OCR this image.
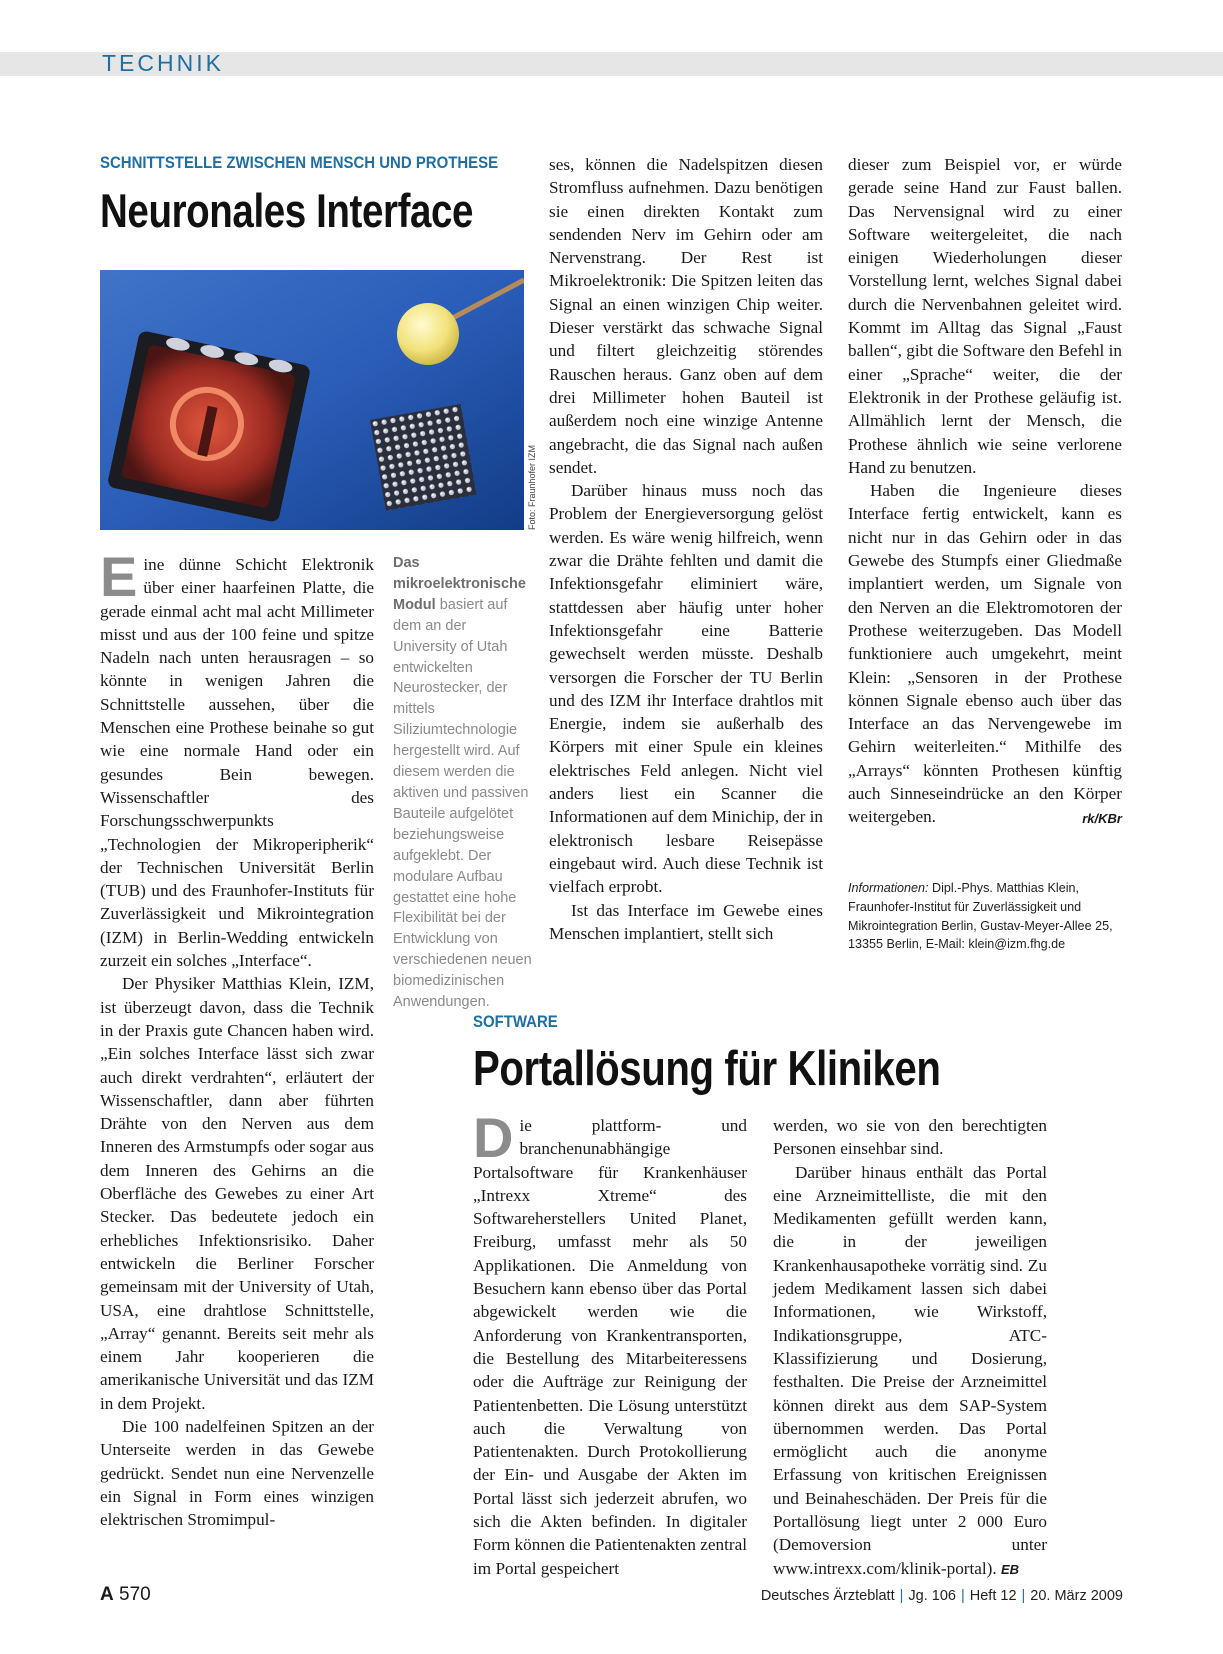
TECHNIK
SCHNITTSTELLE ZWISCHEN MENSCH UND PROTHESE
Neuronales Interface
Foto: Fraunhofer IZM

Eine dünne Schicht Elektronik über einer haarfeinen Platte, die gerade einmal acht mal acht Millimeter misst und aus der 100 feine und spitze Nadeln nach unten herausragen – so könnte in wenigen Jahren die Schnittstelle aussehen, über die Menschen eine Prothese beinahe so gut wie eine normale Hand oder ein gesundes Bein bewegen. Wissenschaftler des Forschungsschwerpunkts „Technologien der Mikroperipherik“ der Technischen Universität Berlin (TUB) und des Fraunhofer-Instituts für Zuverlässigkeit und Mikrointegration (IZM) in Berlin-Wedding entwickeln zurzeit ein solches „Interface“.

Der Physiker Matthias Klein, IZM, ist überzeugt davon, dass die Technik in der Praxis gute Chancen haben wird. „Ein solches Interface lässt sich zwar auch direkt verdrahten“, erläutert der Wissenschaftler, dann aber führten Drähte von den Nerven aus dem Inneren des Armstumpfs oder sogar aus dem Inneren des Gehirns an die Oberfläche des Gewebes zu einer Art Stecker. Das bedeutete jedoch ein erhebliches Infektionsrisiko. Daher entwickeln die Berliner Forscher gemeinsam mit der University of Utah, USA, eine drahtlose Schnittstelle, „Array“ genannt. Bereits seit mehr als einem Jahr kooperieren die amerikanische Universität und das IZM in dem Projekt.

Die 100 nadelfeinen Spitzen an der Unterseite werden in das Gewebe gedrückt. Sendet nun eine Nervenzelle ein Signal in Form eines winzigen elektrischen Stromimpul-

Das mikroelektronische Modul basiert auf dem an der University of Utah entwickelten Neurostecker, der mittels Siliziumtechnologie hergestellt wird. Auf diesem werden die aktiven und passiven Bauteile aufgelötet beziehungsweise aufgeklebt. Der modulare Aufbau gestattet eine hohe Flexibilität bei der Entwicklung von verschiedenen neuen biomedizinischen Anwendungen.

ses, können die Nadelspitzen diesen Stromfluss aufnehmen. Dazu benötigen sie einen direkten Kontakt zum sendenden Nerv im Gehirn oder am Nervenstrang. Der Rest ist Mikroelektronik: Die Spitzen leiten das Signal an einen winzigen Chip weiter. Dieser verstärkt das schwache Signal und filtert gleichzeitig störendes Rauschen heraus. Ganz oben auf dem drei Millimeter hohen Bauteil ist außerdem noch eine winzige Antenne angebracht, die das Signal nach außen sendet.

Darüber hinaus muss noch das Problem der Energieversorgung gelöst werden. Es wäre wenig hilfreich, wenn zwar die Drähte fehlten und damit die Infektionsgefahr eliminiert wäre, stattdessen aber häufig unter hoher Infektionsgefahr eine Batterie gewechselt werden müsste. Deshalb versorgen die Forscher der TU Berlin und des IZM ihr Interface drahtlos mit Energie, indem sie außerhalb des Körpers mit einer Spule ein kleines elektrisches Feld anlegen. Nicht viel anders liest ein Scanner die Informationen auf dem Minichip, der in elektronisch lesbare Reisepässe eingebaut wird. Auch diese Technik ist vielfach erprobt.

Ist das Interface im Gewebe eines Menschen implantiert, stellt sich

dieser zum Beispiel vor, er würde gerade seine Hand zur Faust ballen. Das Nervensignal wird zu einer Software weitergeleitet, die nach einigen Wiederholungen dieser Vorstellung lernt, welches Signal dabei durch die Nervenbahnen geleitet wird. Kommt im Alltag das Signal „Faust ballen“, gibt die Software den Befehl in einer „Sprache“ weiter, die der Elektronik in der Prothese geläufig ist. Allmählich lernt der Mensch, die Prothese ähnlich wie seine verlorene Hand zu benutzen.

Haben die Ingenieure dieses Interface fertig entwickelt, kann es nicht nur in das Gehirn oder in das Gewebe des Stumpfs einer Gliedmaße implantiert werden, um Signale von den Nerven an die Elektromotoren der Prothese weiterzugeben. Das Modell funktioniere auch umgekehrt, meint Klein: „Sensoren in der Prothese können Signale ebenso auch über das Interface an das Nervengewebe im Gehirn weiterleiten.“ Mithilfe des „Arrays“ könnten Prothesen künftig auch Sinneseindrücke an den Körper weitergeben.	rk/KBr

Informationen: Dipl.-Phys. Matthias Klein, Fraunhofer-Institut für Zuverlässigkeit und Mikrointegration Berlin, Gustav-Meyer-Allee 25, 13355 Berlin, E-Mail: klein@izm.fhg.de
SOFTWARE
Portallösung für Kliniken

Die plattform- und branchenunabhängige Portalsoftware für Krankenhäuser „Intrexx Xtreme“ des Softwareherstellers United Planet, Freiburg, umfasst mehr als 50 Applikationen. Die Anmeldung von Besuchern kann ebenso über das Portal abgewickelt werden wie die Anforderung von Krankentransporten, die Bestellung des Mitarbeiteressens oder die Aufträge zur Reinigung der Patientenbetten. Die Lösung unterstützt auch die Verwaltung von Patientenakten. Durch Protokollierung der Ein- und Ausgabe der Akten im Portal lässt sich jederzeit abrufen, wo sich die Akten befinden. In digitaler Form können die Patientenakten zentral im Portal gespeichert

werden, wo sie von den berechtigten Personen einsehbar sind.

Darüber hinaus enthält das Portal eine Arzneimittelliste, die mit den Medikamenten gefüllt werden kann, die in der jeweiligen Krankenhausapotheke vorrätig sind. Zu jedem Medikament lassen sich dabei Informationen, wie Wirkstoff, Indikationsgruppe, ATC-Klassifizierung und Dosierung, festhalten. Die Preise der Arzneimittel können direkt aus dem SAP-System übernommen werden. Das Portal ermöglicht auch die anonyme Erfassung von kritischen Ereignissen und Beinaheschäden. Der Preis für die Portallösung liegt unter 2 000 Euro (Demoversion unter www.intrexx.com/klinik-portal). EB

A 570	Deutsches Ärzteblatt | Jg. 106 | Heft 12 | 20. März 2009
